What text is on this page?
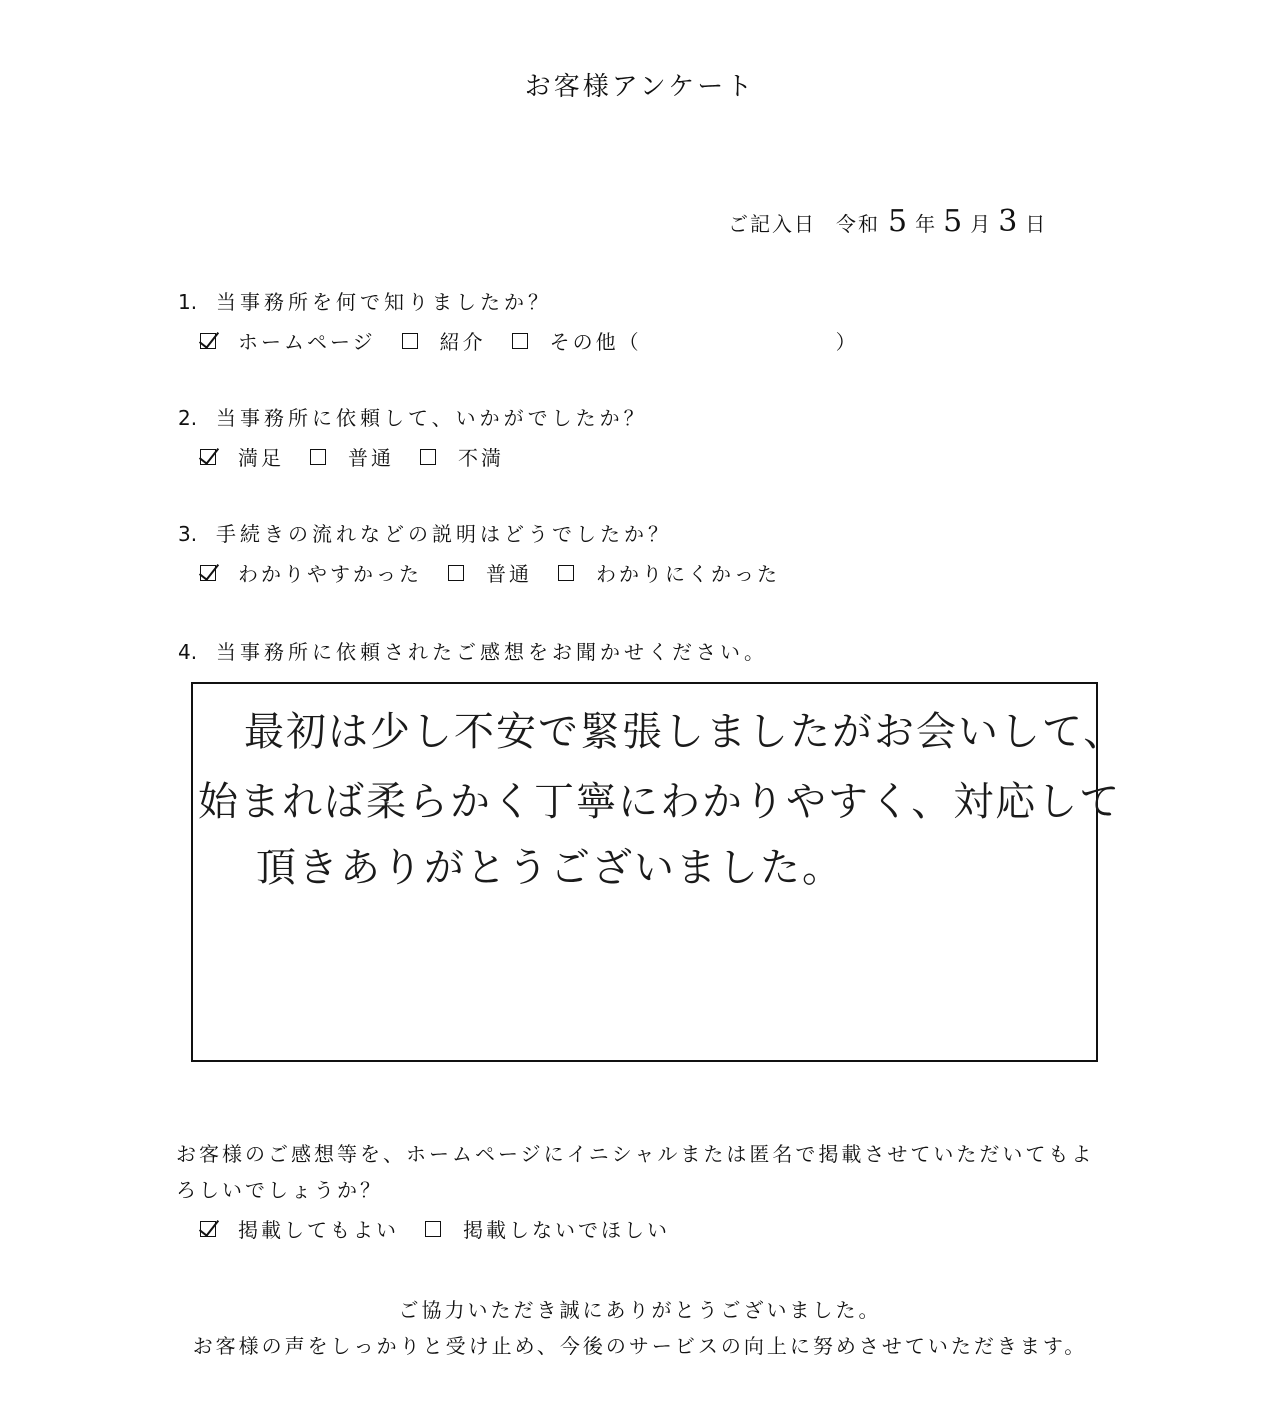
お客様アンケート
ご記入日 令和 5 年 5 月 3 日
1. 当事務所を何で知りましたか？
ホームページ	紹介	その他（	）
2. 当事務所に依頼して、いかがでしたか？
満足	普通	不満
3. 手続きの流れなどの説明はどうでしたか？
わかりやすかった	普通	わかりにくかった
4. 当事務所に依頼されたご感想をお聞かせください。
最初は少し不安で緊張しましたがお会いして、
始まれば柔らかく丁寧にわかりやすく、対応して
頂きありがとうございました。
お客様のご感想等を、ホームページにイニシャルまたは匿名で掲載させていただいてもよ
ろしいでしょうか？
掲載してもよい	掲載しないでほしい
ご協力いただき誠にありがとうございました。
お客様の声をしっかりと受け止め、今後のサービスの向上に努めさせていただきます。
